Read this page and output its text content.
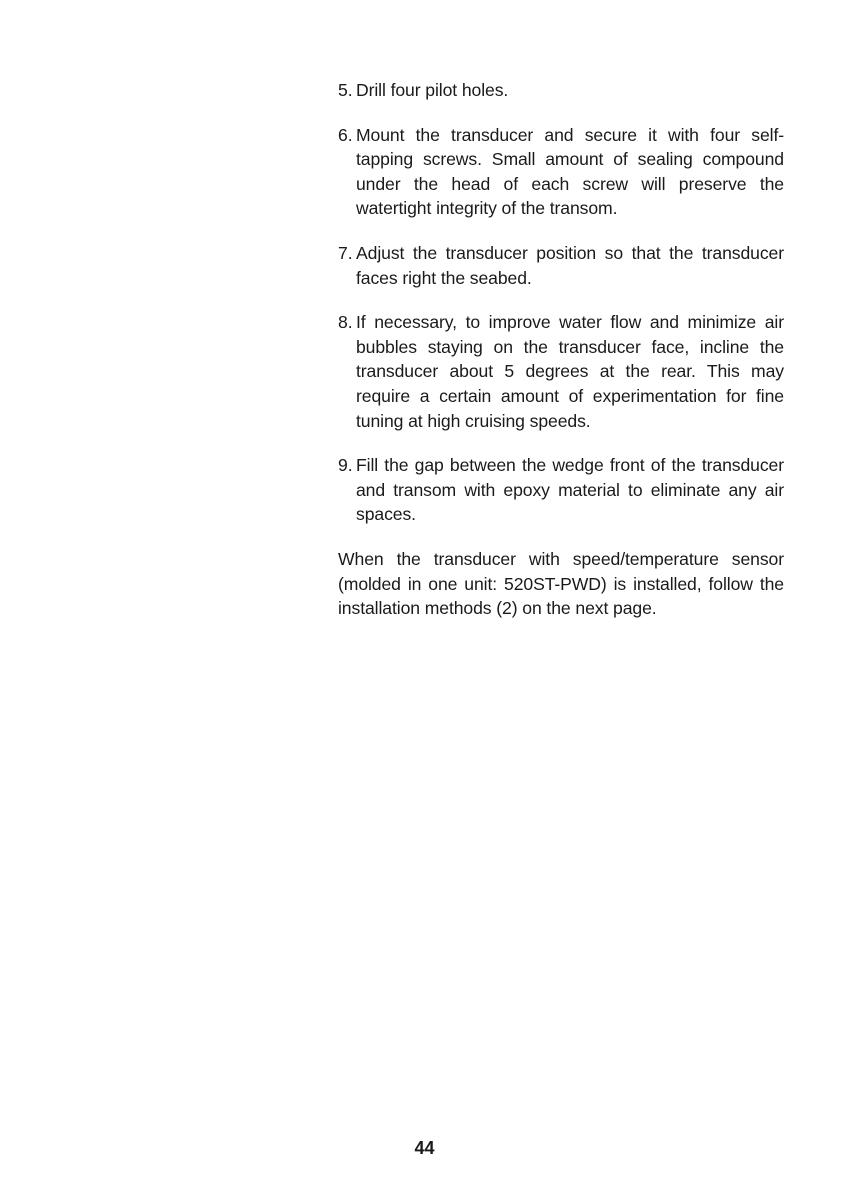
5 . Drill four pilot holes.
6 . Mount the transducer and secure it with four self-tapping screws. Small amount of sealing compound under the head of each screw will preserve the watertight integrity of the transom.
7 . Adjust the transducer position so that the transducer faces right the seabed.
8 . If necessary, to improve water flow and minimize air bubbles staying on the transducer face, incline the transducer about 5 degrees at the rear. This may require a certain amount of experimentation for fine tuning at high cruising speeds.
9 . Fill the gap between the wedge front of the transducer and transom with epoxy material to eliminate any air spaces.

When the transducer with speed/temperature sensor (molded in one unit: 520ST-PWD) is installed, follow the installation methods (2) on the next page.

44
